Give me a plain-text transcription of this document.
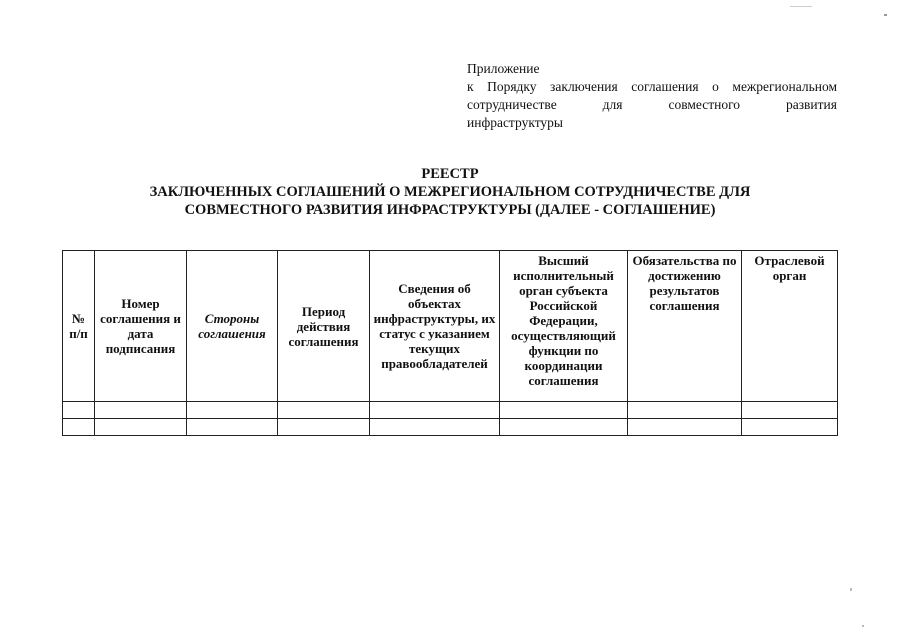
Приложение
к Порядку заключения соглашения о межрегиональном сотрудничестве для совместного развития
инфраструктуры
РЕЕСТР
ЗАКЛЮЧЕННЫХ СОГЛАШЕНИЙ О МЕЖРЕГИОНАЛЬНОМ СОТРУДНИЧЕСТВЕ ДЛЯ
СОВМЕСТНОГО РАЗВИТИЯ ИНФРАСТРУКТУРЫ (ДАЛЕЕ - СОГЛАШЕНИЕ)
№ п/п	Номер соглашения и дата подписания	Стороны соглашения	Период действия соглашения	Сведения об объектах инфраструктуры, их статус с указанием текущих правообладателей	Высший исполнительный орган субъекта Российской Федерации, осуществляющий функции по координации соглашения	Обязательства по достижению результатов соглашения	Отраслевой орган
